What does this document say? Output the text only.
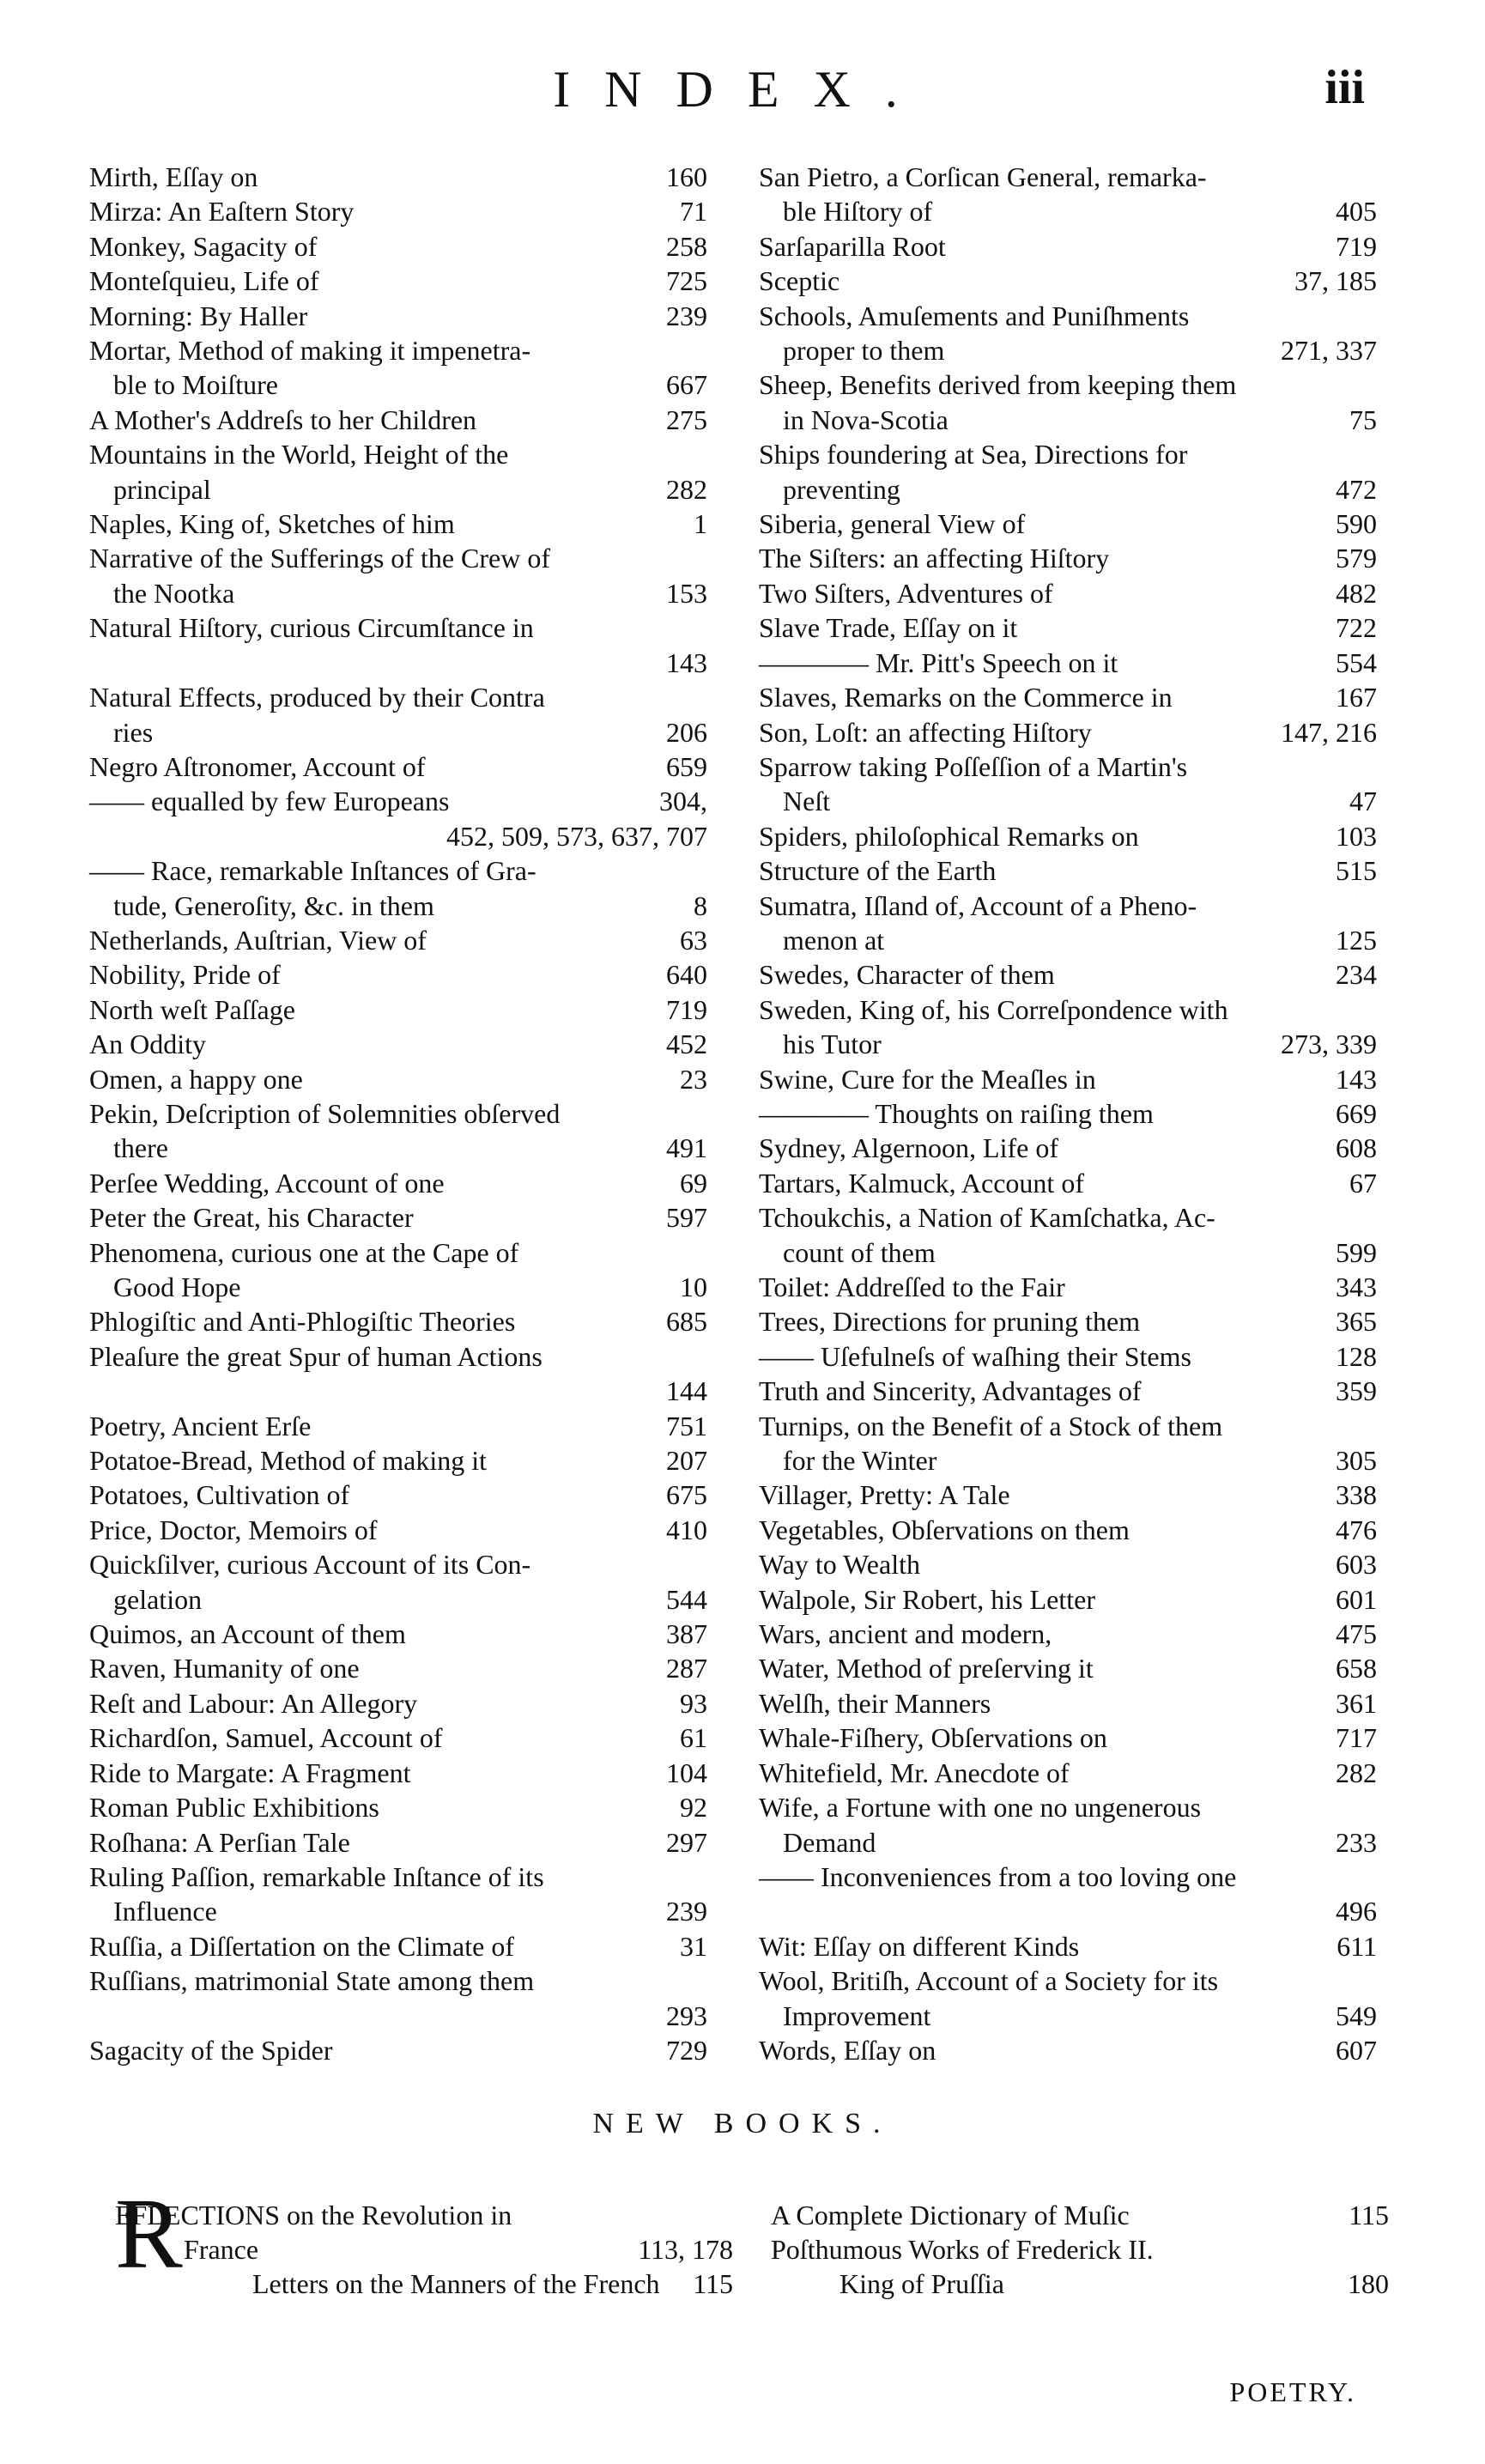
INDEX.	iii
Mirth, Eſſay on	160
Mirza: An Eaſtern Story	71
Monkey, Sagacity of	258
Monteſquieu, Life of	725
Morning: By Haller	239
Mortar, Method of making it impenetra-
ble to Moiſture	667
A Mother's Addreſs to her Children	275
Mountains in the World, Height of the
principal	282
Naples, King of, Sketches of him	1
Narrative of the Sufferings of the Crew of
the Nootka	153
Natural Hiſtory, curious Circumſtance in
143
Natural Effects, produced by their Contra
ries	206
Negro Aſtronomer, Account of	659
—— equalled by few Europeans	304,
452, 509, 573, 637, 707
—— Race, remarkable Inſtances of Gra-
tude, Generoſity, &c. in them	8
Netherlands, Auſtrian, View of	63
Nobility, Pride of	640
North weſt Paſſage	719
An Oddity	452
Omen, a happy one	23
Pekin, Deſcription of Solemnities obſerved
there	491
Perſee Wedding, Account of one	69
Peter the Great, his Character	597
Phenomena, curious one at the Cape of
Good Hope	10
Phlogiſtic and Anti-Phlogiſtic Theories	685
Pleaſure the great Spur of human Actions
144
Poetry, Ancient Erſe	751
Potatoe-Bread, Method of making it	207
Potatoes, Cultivation of	675
Price, Doctor, Memoirs of	410
Quickſilver, curious Account of its Con-
gelation	544
Quimos, an Account of them	387
Raven, Humanity of one	287
Reſt and Labour: An Allegory	93
Richardſon, Samuel, Account of	61
Ride to Margate: A Fragment	104
Roman Public Exhibitions	92
Roſhana: A Perſian Tale	297
Ruling Paſſion, remarkable Inſtance of its
Influence	239
Ruſſia, a Diſſertation on the Climate of	31
Ruſſians, matrimonial State among them
293
Sagacity of the Spider	729
San Pietro, a Corſican General, remarka-
ble Hiſtory of	405
Sarſaparilla Root	719
Sceptic	37, 185
Schools, Amuſements and Puniſhments
proper to them	271, 337
Sheep, Benefits derived from keeping them
in Nova-Scotia	75
Ships foundering at Sea, Directions for
preventing	472
Siberia, general View of	590
The Siſters: an affecting Hiſtory	579
Two Siſters, Adventures of	482
Slave Trade, Eſſay on it	722
———— Mr. Pitt's Speech on it	554
Slaves, Remarks on the Commerce in	167
Son, Loſt: an affecting Hiſtory	147, 216
Sparrow taking Poſſeſſion of a Martin's
Neſt	47
Spiders, philoſophical Remarks on	103
Structure of the Earth	515
Sumatra, Iſland of, Account of a Pheno-
menon at	125
Swedes, Character of them	234
Sweden, King of, his Correſpondence with
his Tutor	273, 339
Swine, Cure for the Meaſles in	143
———— Thoughts on raiſing them	669
Sydney, Algernoon, Life of	608
Tartars, Kalmuck, Account of	67
Tchoukchis, a Nation of Kamſchatka, Ac-
count of them	599
Toilet: Addreſſed to the Fair	343
Trees, Directions for pruning them	365
—— Uſefulneſs of waſhing their Stems	128
Truth and Sincerity, Advantages of	359
Turnips, on the Benefit of a Stock of them
for the Winter	305
Villager, Pretty: A Tale	338
Vegetables, Obſervations on them	476
Way to Wealth	603
Walpole, Sir Robert, his Letter	601
Wars, ancient and modern,	475
Water, Method of preſerving it	658
Welſh, their Manners	361
Whale-Fiſhery, Obſervations on	717
Whitefield, Mr. Anecdote of	282
Wife, a Fortune with one no ungenerous
Demand	233
—— Inconveniences from a too loving one
496
Wit: Eſſay on different Kinds	611
Wool, Britiſh, Account of a Society for its
Improvement	549
Words, Eſſay on	607
NEW BOOKS.
R
EFLECTIONS on the Revolution in
France	113, 178
Letters on the Manners of the French	115
A Complete Dictionary of Muſic	115
Poſthumous Works of Frederick II.
King of Pruſſia	180
POETRY.
